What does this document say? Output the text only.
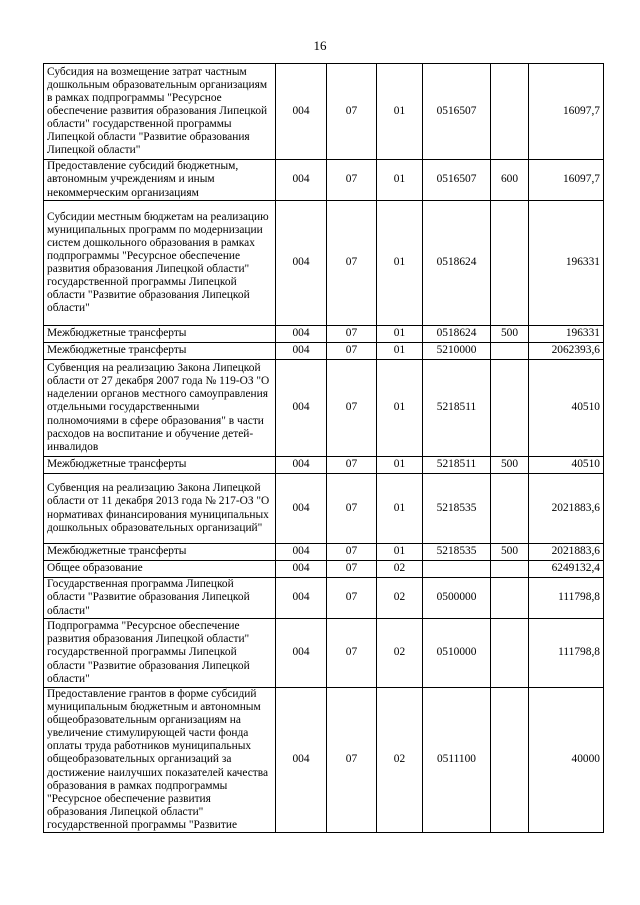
16
Субсидия на возмещение затрат частным дошкольным образовательным организациям в рамках подпрограммы "Ресурсное обеспечение развития образования Липецкой области" государственной программы Липецкой области "Развитие образования Липецкой области"	004	07	01	0516507		16097,7
Предоставление субсидий бюджетным, автономным учреждениям и иным некоммерческим организациям	004	07	01	0516507	600	16097,7
Субсидии местным бюджетам на реализацию муниципальных программ по модернизации систем дошкольного образования в рамках подпрограммы "Ресурсное обеспечение развития образования Липецкой области" государственной программы Липецкой области "Развитие образования Липецкой области"	004	07	01	0518624		196331
Межбюджетные трансферты	004	07	01	0518624	500	196331
Межбюджетные трансферты	004	07	01	5210000		2062393,6
Субвенция на реализацию Закона Липецкой области от 27 декабря 2007 года № 119-ОЗ "О наделении органов местного самоуправления отдельными государственными полномочиями в сфере образования" в части расходов на воспитание и обучение детей-инвалидов	004	07	01	5218511		40510
Межбюджетные трансферты	004	07	01	5218511	500	40510
Субвенция на реализацию Закона Липецкой области от 11 декабря 2013 года № 217-ОЗ "О нормативах финансирования муниципальных дошкольных образовательных организаций"	004	07	01	5218535		2021883,6
Межбюджетные трансферты	004	07	01	5218535	500	2021883,6
Общее образование	004	07	02			6249132,4
Государственная программа Липецкой области "Развитие образования Липецкой области"	004	07	02	0500000		111798,8
Подпрограмма "Ресурсное обеспечение развития образования Липецкой области" государственной программы Липецкой области "Развитие образования Липецкой области"	004	07	02	0510000		111798,8
Предоставление грантов в форме субсидий муниципальным бюджетным и автономным общеобразовательным организациям на увеличение стимулирующей части фонда оплаты труда работников муниципальных общеобразовательных организаций за достижение наилучших показателей качества образования в рамках подпрограммы "Ресурсное обеспечение развития образования Липецкой области" государственной программы "Развитие	004	07	02	0511100		40000
